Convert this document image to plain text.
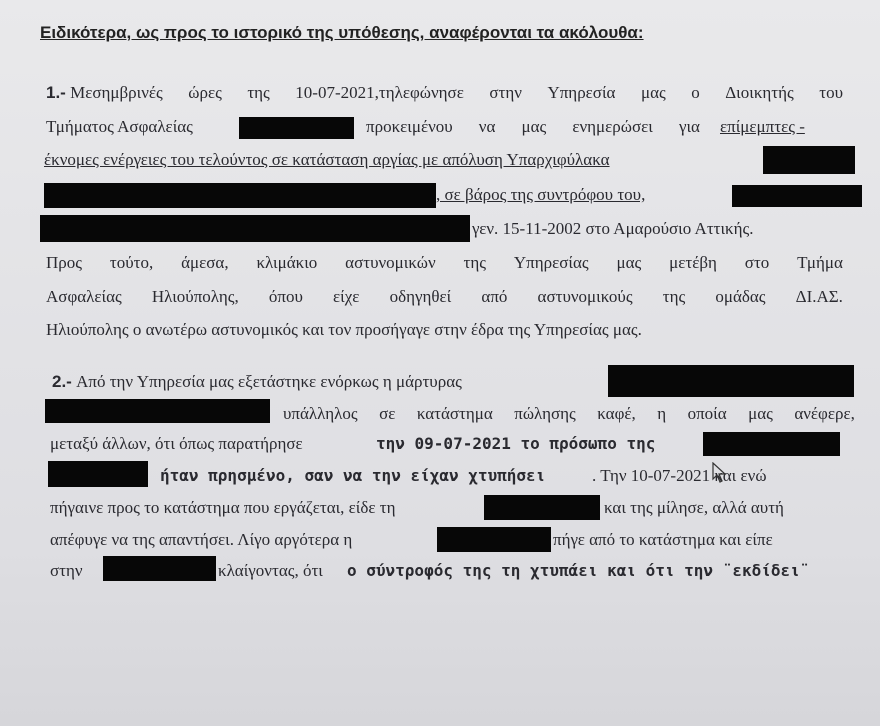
Ειδικότερα, ως προς το ιστορικό της υπόθεσης, αναφέρονται τα ακόλουθα:
1.- Μεσημβρινές ώρες της 10-07-2021,τηλεφώνησε στην Υπηρεσία μας ο Διοικητής του
Τμήματος Ασφαλείας	προκειμένου να μας ενημερώσει για επίμεμπτες -
έκνομες ενέργειες του τελούντος σε κατάσταση αργίας με απόλυση Υπαρχιφύλακα
, σε βάρος της συντρόφου του,
γεν. 15-11-2002 στο Αμαρούσιο Αττικής.
Προς τούτο, άμεσα, κλιμάκιο αστυνομικών της Υπηρεσίας μας μετέβη στο Τμήμα
Ασφαλείας Ηλιούπολης, όπου είχε οδηγηθεί από αστυνομικούς της ομάδας ΔΙ.ΑΣ.
Ηλιούπολης ο ανωτέρω αστυνομικός και τον προσήγαγε στην έδρα της Υπηρεσίας μας.
2.- Από την Υπηρεσία μας εξετάστηκε ενόρκως η μάρτυρας
υπάλληλος σε κατάστημα πώλησης καφέ, η οποία μας ανέφερε,
μεταξύ άλλων, ότι όπως παρατήρησε	την 09-07-2021 το πρόσωπο της
ήταν πρησμένο, σαν να την είχαν χτυπήσει	. Την 10-07-2021 και ενώ
πήγαινε προς το κατάστημα που εργάζεται, είδε τη	και της μίλησε, αλλά αυτή
απέφυγε να της απαντήσει. Λίγο αργότερα η	πήγε από το κατάστημα και είπε
στην	κλαίγοντας, ότι ο σύντροφός της τη χτυπάει και ότι την ¨εκδίδει¨
